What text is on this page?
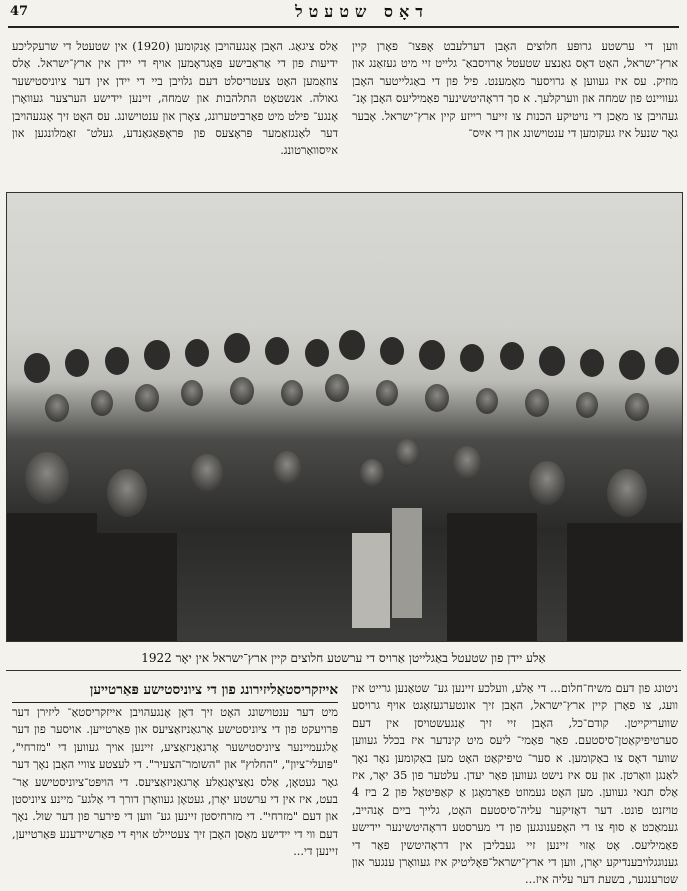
47	דאָס שטעטל

ווען די ערשטע גרופּע חלוצים האָבן דערלעבט אָפּצו־ פאָרן קיין ארץ־ישראל, האָט דאָס גאַנצע שטעטל אַרויסבאַ־ גלייט זיי מיט געזאַנג און מוזיק. עס איז געווען אַ גרויסער מאָמענט. פיל פון די באַגלייטער האָבן געוויינט פון שמחה און ווערקלעך. א סך דראָהיטשינער פאַמיליעס האָבן אָנ־ געהויבן צו מאַכן די נויטיקע הכנות צו זייער רייזע קיין ארץ־ישראל. אָבער גאָר שנעל איז געקומען די ענטוישונג און די אײַס־

אַלס ציגאַג. האָבן אָנגעהויבן אָנקומען (1920) אין שטעטל די שרעקליכע ידיעות פון די אַראַבישע פּאָגראָמען אויף די יידן אין ארץ־ישראל. אַלס צוזאַמען האָט צעטריסלט דעם גלויבן ביי די יידן אין דער ציוניסטישער גאולה. אנשטאָט התלהבות און שמחה, זיינען יידישע הערצער געוואָרן אָנגע־ פילט מיט פאַרביטערונג, צאָרן און ענטוישונג. עס האָט זיך אָנגעהויבן דער לאַנגזאַמער פּראָצעס פון פּראָפּאַגאַנדע, געלט־ זאַמלונגען און אײַסוואַרטונג.

אַלע יידן פון שטעטל באַגלייטן אַרויס די ערשטע חלוצים קיין ארץ־ישראל אין יאָר 1922

ניטונג פון דעם משיח־חלום... די אַלע, וועלכע זיינען גע־ שטאַנען גרייט אין וועג, צו פאָרן קיין ארץ־ישראל, האָבן זיך אונטערגעזאָגט אויף גרויסע שוועריקייטן. קודם־כל, האָבן זיי זיך אַנגעשטויסן אין דעם סערטיפיקאַטן־סיסטעם. פאַר פאַמי־ ליעס מיט קינדער איז בכלל געווען שווער דאָס צו באַקומען. א סער־ טיפיקאַט האָט מען באַקומען נאָר נאָך לאַנגן וואַרטן. און עס איז נישט געווען פאַר יעדן. עלטער פון 35 יאָר, איז אַלס תנאי געווען. מען האָט געמוזט פאַרמאָגן אַ קאַפּיטאַל פון 2 ביז 4 טויזנט פונט. דער דאָזיקער עליה־סיסטעם האָט, גלייך ביים אָנהייב, געמאַכט אַ סוף צו די האָפענונגען פון די מערסטע דראָהיטשינער יידישע פאַמיליעס. אָט אַזוי זיינען זיי געבליבן אין דראָהיטשין פאַר די גענוגגלויבענדיקע יאָרן, ווען די ארץ־ישראל־פּאָליטיק איז געוואָרן ענגער און שטרענגער, בשעת דער עליה איז...

אייזקריסטאַליזירונג פון די ציוניסטישע פּאַרטייען

מיט דער ענטוישונג האָט זיך דאָן אָנגעהויבן אייזקריסטאַ־ ליזירן דער פּרויעקט פון די ציוניסטישע אָרגאַניזאַציעס און פּאַרטייען. אויסער פון דער אַלגעמיינער ציוניסטישער אָרגאַניזאַציע, זיינען אויך געווען די "מזרחי", "פּועלי־ציון", "החלוץ" און "השומר־הצעיר". די לעצטע צוויי האָבן נאָך דער גאָר געטאָן, אַלס נאַציאָנאַלע אָרגאַניזאַציעס. די הויפּט־ציוניסטישע אַר־ בעט, איז אין די ערשטע יאָרן, געטאָן געוואָרן דורך די אַלגע־ מיינע ציוניסטן און דעם "מזרחי". די מזרחיסטן זיינען גע־ ווען די פירער פון דער שול. נאָך דעם ווי די יידישע מאַסן האָבן זיך צעטיילט אויף די פאַרשיידענע פּאַרטייען, זיינען די...
